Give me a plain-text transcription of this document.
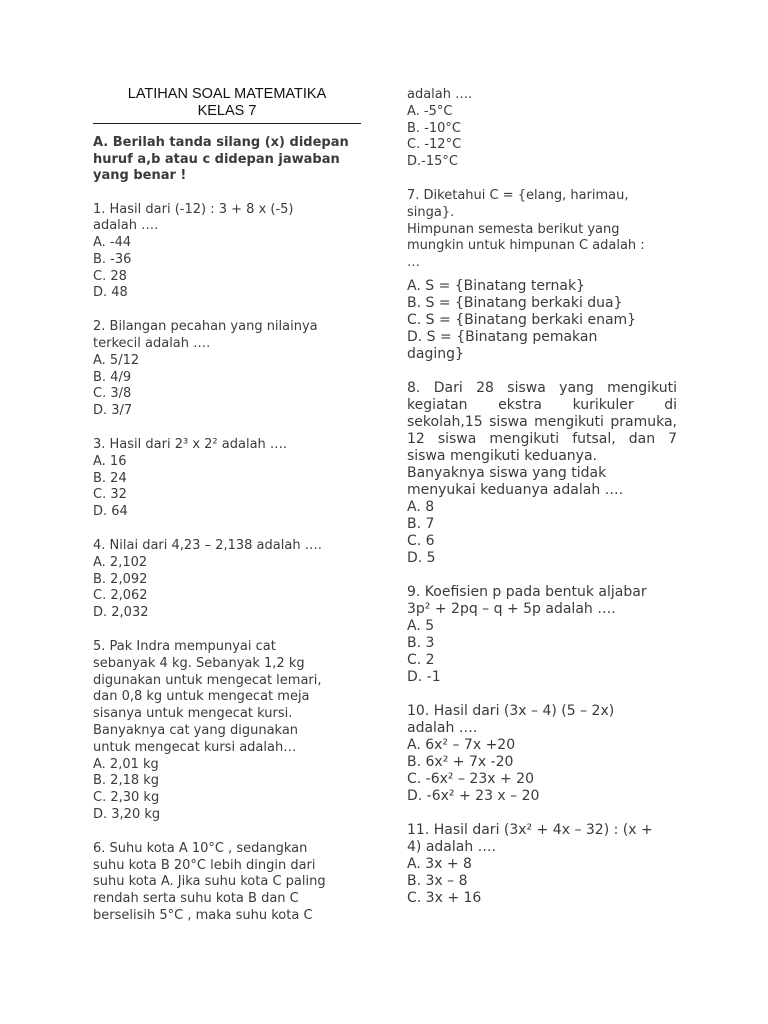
LATIHAN SOAL MATEMATIKA
KELAS 7
A. Berilah tanda silang (x) didepan huruf a,b atau c didepan jawaban yang benar !
1. Hasil dari (-12) : 3 + 8 x (-5)
adalah ….
A. -44
B. -36
C. 28
D. 48
2. Bilangan pecahan yang nilainya
terkecil adalah ….
A. 5/12
B. 4/9
C. 3/8
D. 3/7
3. Hasil dari 2³ x 2² adalah ….
A. 16
B. 24
C. 32
D. 64
4. Nilai dari 4,23 – 2,138 adalah ….
A. 2,102
B. 2,092
C. 2,062
D. 2,032
5. Pak Indra mempunyai cat
sebanyak 4 kg. Sebanyak 1,2 kg
digunakan untuk mengecat lemari,
dan 0,8 kg untuk mengecat meja
sisanya untuk mengecat kursi.
Banyaknya cat yang digunakan
untuk mengecat kursi adalah…
A. 2,01 kg
B. 2,18 kg
C. 2,30 kg
D. 3,20 kg
6. Suhu kota A 10°C , sedangkan
suhu kota B 20°C lebih dingin dari
suhu kota A. Jika suhu kota C paling
rendah serta suhu kota B dan C
berselisih 5°C , maka suhu kota C
adalah ….
A. -5°C
B. -10°C
C. -12°C
D.-15°C
7. Diketahui C = {elang, harimau,
singa}.
Himpunan semesta berikut yang
mungkin untuk himpunan C adalah :
…
A. S = {Binatang ternak}
B. S = {Binatang berkaki dua}
C. S = {Binatang berkaki enam}
D. S = {Binatang pemakan
daging}
8. Dari 28 siswa yang mengikuti kegiatan ekstra kurikuler di sekolah,15 siswa mengikuti pramuka, 12 siswa mengikuti futsal, dan 7 siswa mengikuti keduanya.
Banyaknya siswa yang tidak
menyukai keduanya adalah ….
A. 8
B. 7
C. 6
D. 5
9. Koefisien p pada bentuk aljabar
3p² + 2pq – q + 5p adalah ….
A. 5
B. 3
C. 2
D. -1
10. Hasil dari (3x – 4) (5 – 2x)
adalah ….
A. 6x² – 7x +20
B. 6x² + 7x -20
C. -6x² – 23x + 20
D. -6x² + 23 x – 20
11. Hasil dari (3x² + 4x – 32) : (x +
4) adalah ….
A. 3x + 8
B. 3x – 8
C. 3x + 16
